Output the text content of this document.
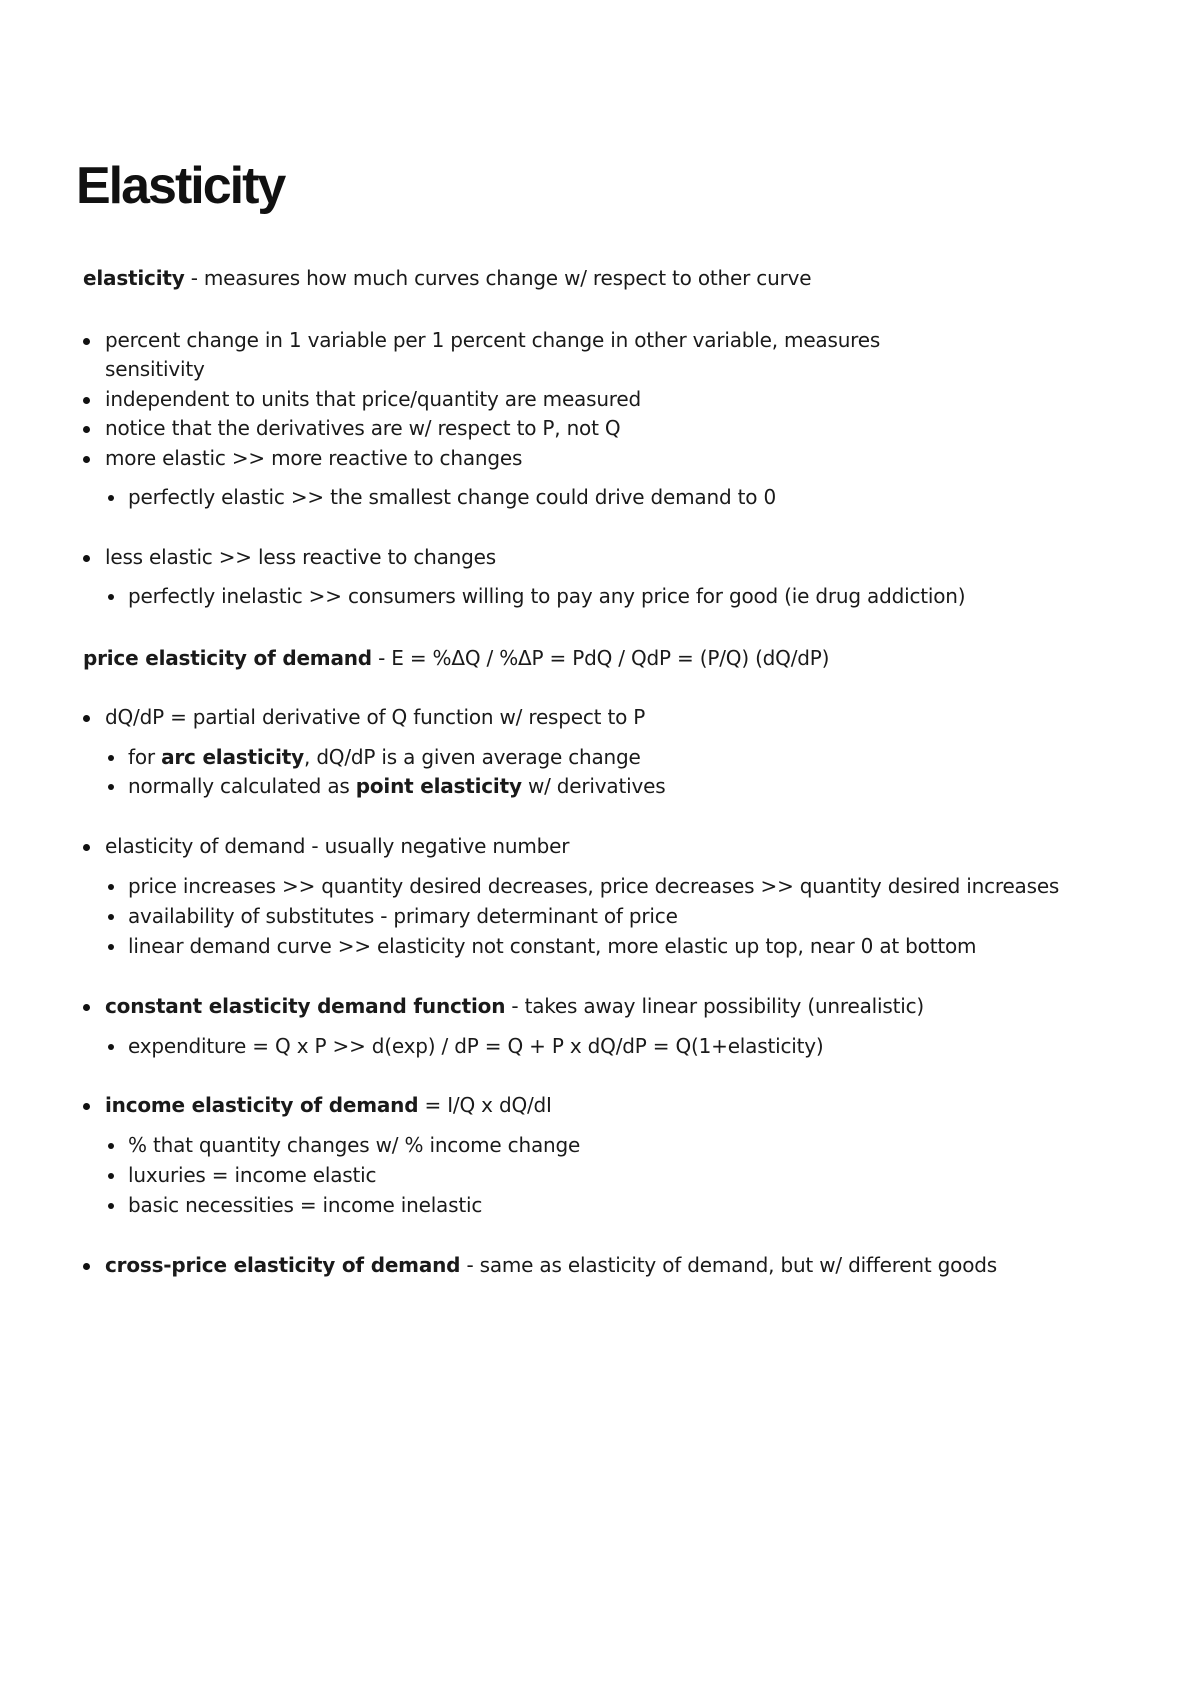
Elasticity

elasticity - measures how much curves change w/ respect to other curve

percent change in 1 variable per 1 percent change in other variable, measures

sensitivity

independent to units that price/quantity are measured

notice that the derivatives are w/ respect to P, not Q

more elastic >> more reactive to changes

perfectly elastic >> the smallest change could drive demand to 0

less elastic >> less reactive to changes

perfectly inelastic >> consumers willing to pay any price for good (ie drug addiction)

price elasticity of demand - E = %ΔQ / %ΔP = PdQ / QdP = (P/Q) (dQ/dP)

dQ/dP = partial derivative of Q function w/ respect to P

for arc elasticity, dQ/dP is a given average change

normally calculated as point elasticity w/ derivatives

elasticity of demand - usually negative number

price increases >> quantity desired decreases, price decreases >> quantity desired increases

availability of substitutes - primary determinant of price

linear demand curve >> elasticity not constant, more elastic up top, near 0 at bottom

constant elasticity demand function - takes away linear possibility (unrealistic)

expenditure = Q x P >> d(exp) / dP = Q + P x dQ/dP = Q(1+elasticity)

income elasticity of demand = I/Q x dQ/dI

% that quantity changes w/ % income change

luxuries = income elastic

basic necessities = income inelastic

cross-price elasticity of demand - same as elasticity of demand, but w/ different goods
